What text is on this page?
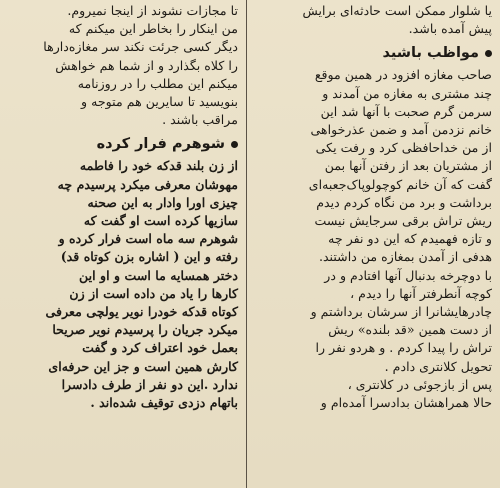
یا شلوار ممکن است حادثه‌ای برایش

پیش آمده باشد.

مواظب باشید

صاحب مغازه افزود در همین موقع

چند مشتری به مغازه من آمدند و

سرمن گرم صحبت با آنها شد این

خانم نزدمن آمد و ضمن عذرخواهی

از من خداحافظی کرد و رفت یکی

از مشتریان بعد از رفتن آنها بمن

گفت که آن خانم کوچولوپاک‌جعبه‌ای

برداشت و برد من نگاه کردم دیدم

ریش تراش برقی سرجایش نیست

و تازه فهمیدم که این دو نفر چه

هدفی از آمدن بمغازه من داشتند.

با دوچرخه بدنبال آنها افتادم و در

کوچه آنطرفتر آنها را دیدم ،

چادرهایشانرا از سرشان برداشتم و

از دست همین «قد بلنده» ریش

تراش را پیدا کردم . و هردو نفر را

تحویل کلانتری دادم .

پس از بازجوئی در کلانتری ،

حالا همراهشان بدادسرا آمده‌ام و

تا مجازات نشوند از اینجا نمیروم.

من اینکار را بخاطر این میکنم که

دیگر کسی جرئت نکند سر مغازه‌دارها

را کلاه بگذارد و از شما هم خواهش

میکنم این مطلب را در روزنامه

بنویسید تا سایرین هم متوجه و

مراقب باشند .

شوهرم فرار کرده

از زن بلند قدکه خود را فاطمه

مهوشان معرفی میکرد پرسیدم چه

چیزی اورا وادار به این صحنه

سازیها کرده است او گفت که

شوهرم سه ماه است فرار کرده و

رفته و این ( اشاره بزن کوتاه قد)

دختر همسایه ما است و او این

کارها را یاد من داده است از زن

کوتاه قدکه خودرا نویر یولچی معرفی

میکرد جریان را پرسیدم نویر صریحا

بعمل خود اعتراف کرد و گفت

کارش همین است و جز این حرفه‌ای

ندارد .این دو نفر از طرف دادسرا

باتهام دزدی توقیف شده‌اند .
